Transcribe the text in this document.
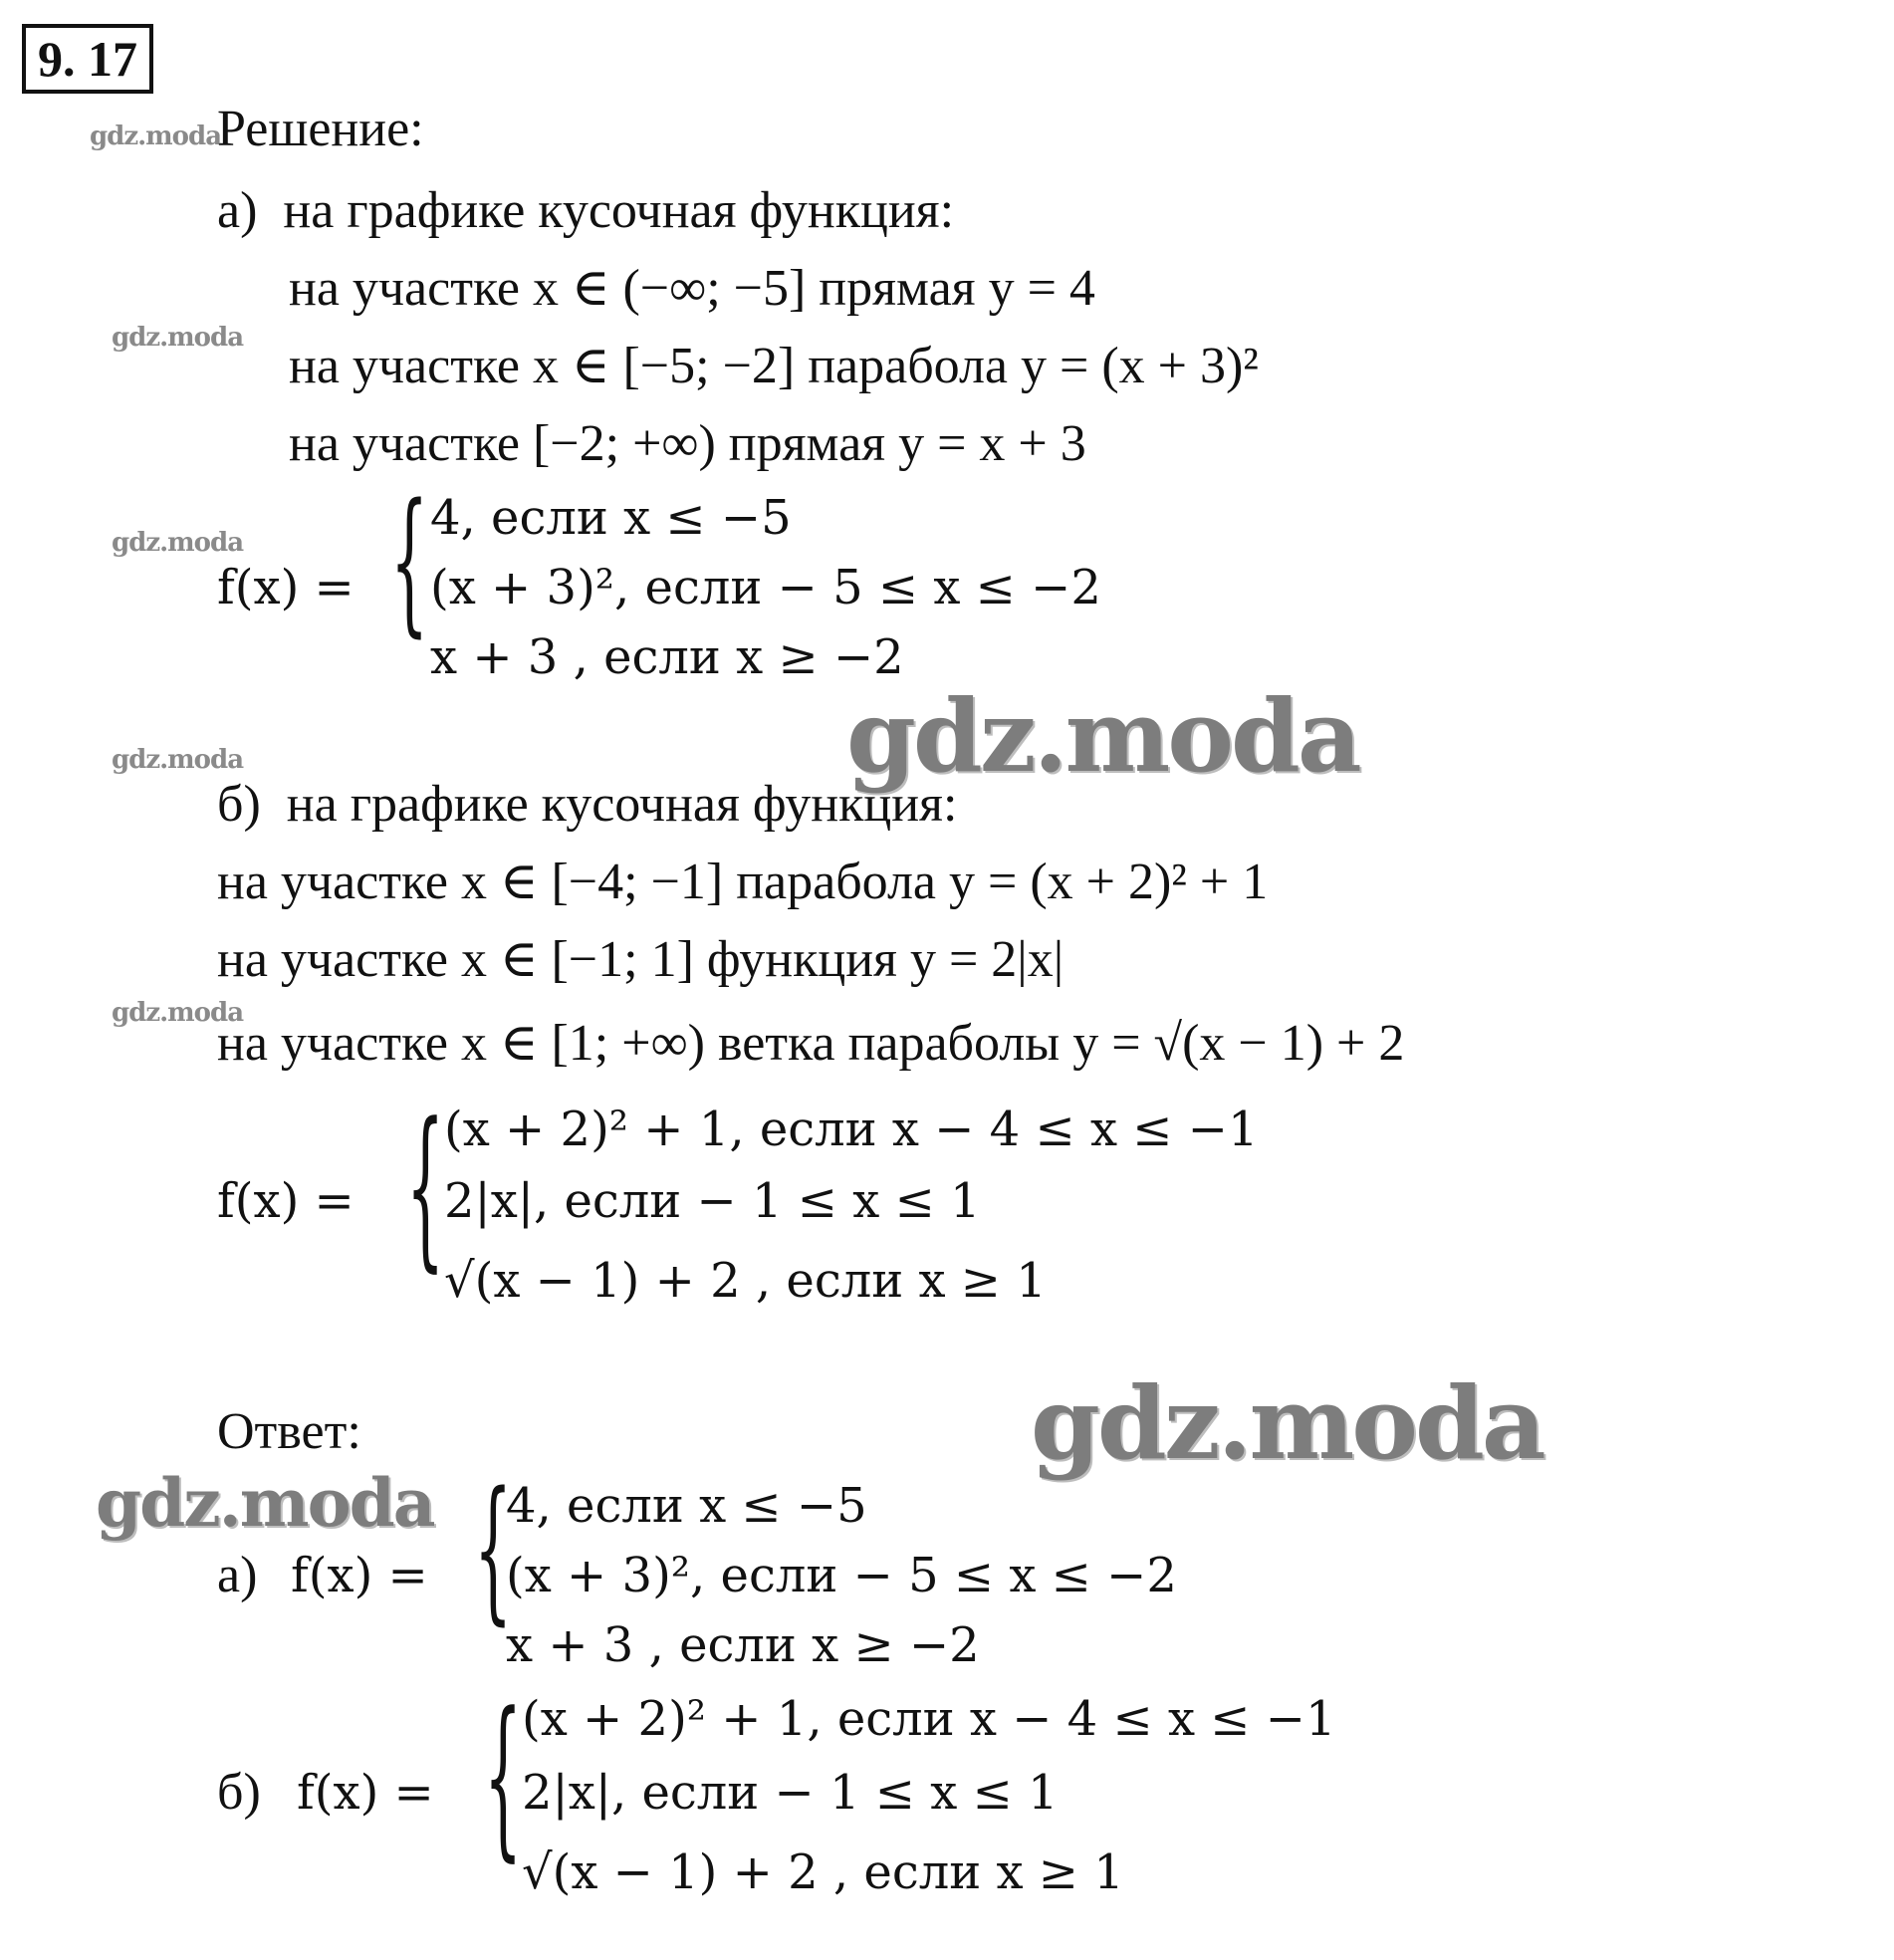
9. 17
gdz.moda
gdz.moda
gdz.moda
gdz.moda
gdz.moda
gdz.moda
gdz.moda
gdz.moda
Решение:
а) на графике кусочная функция:
на участке x ∈ (−∞; −5] прямая y = 4
на участке x ∈ [−5; −2] парабола y = (x + 3)²
на участке [−2; +∞) прямая y = x + 3
f(x) = { 4, если x ≤ −5
(x + 3)², если − 5 ≤ x ≤ −2
x + 3 , если x ≥ −2
б) на графике кусочная функция:
на участке x ∈ [−4; −1] парабола y = (x + 2)² + 1
на участке x ∈ [−1; 1] функция y = 2|x|
на участке x ∈ [1; +∞) ветка параболы y = √(x − 1) + 2
f(x) = { (x + 2)² + 1, если x − 4 ≤ x ≤ −1
2|x|, если − 1 ≤ x ≤ 1
√(x − 1) + 2 , если x ≥ 1
Ответ:
а) f(x) = {
4, если x ≤ −5
(x + 3)², если − 5 ≤ x ≤ −2
x + 3 , если x ≥ −2
б) f(x) = { (x + 2)² + 1, если x − 4 ≤ x ≤ −1
2|x|, если − 1 ≤ x ≤ 1
√(x − 1) + 2 , если x ≥ 1
